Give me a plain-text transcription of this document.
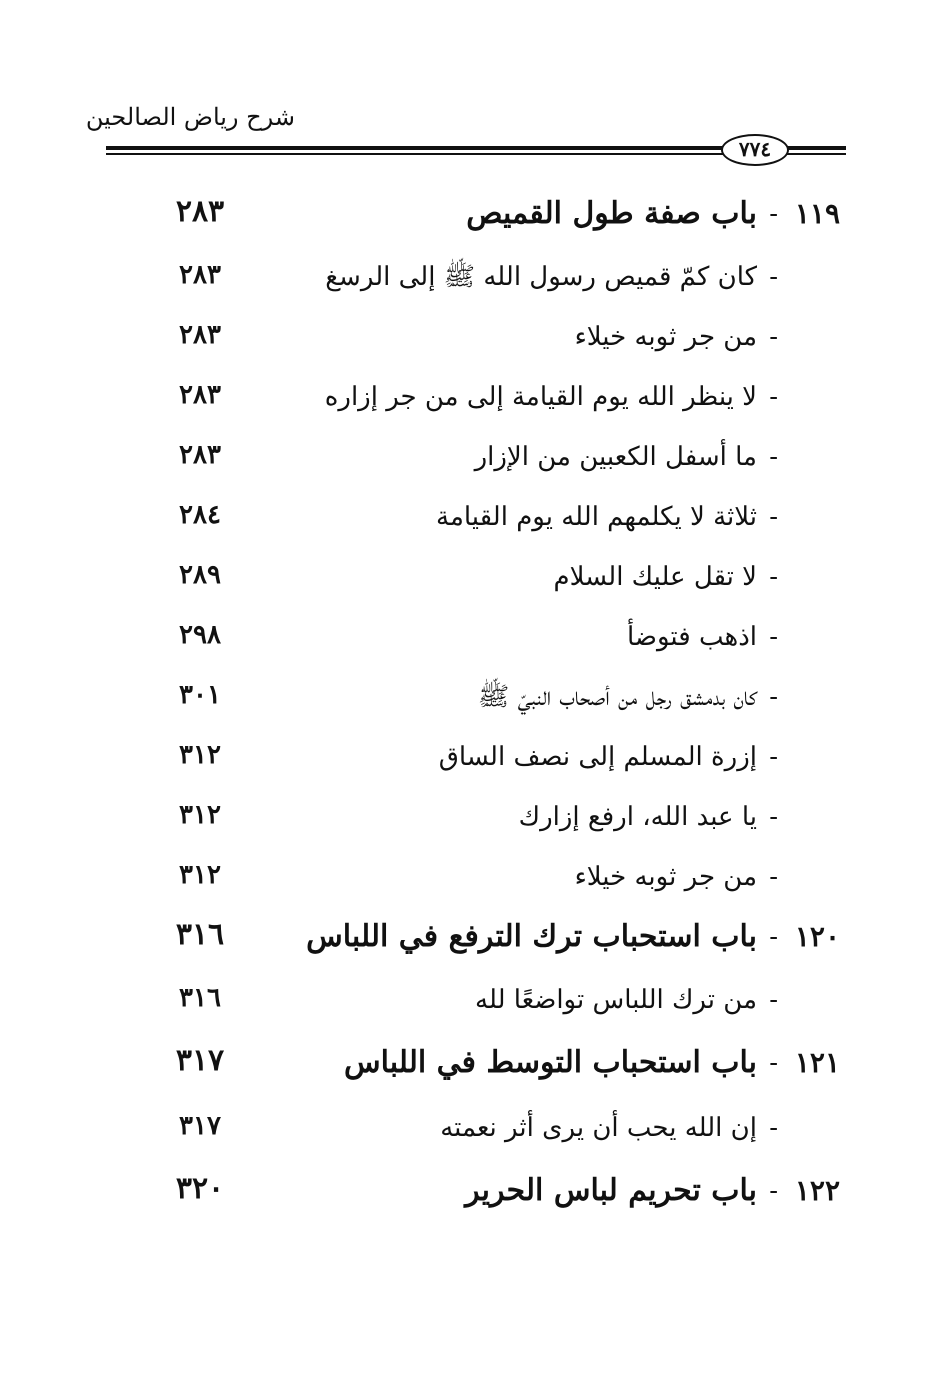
شرح رياض الصالحين
٧٧٤
١١٩
-
باب صفة طول القميص
٢٨٣
-
كان كمّ قميص رسول الله ﷺ إلى الرسغ
٢٨٣
-
من جر ثوبه خيلاء
٢٨٣
-
لا ينظر الله يوم القيامة إلى من جر إزاره
٢٨٣
-
ما أسفل الكعبين من الإزار
٢٨٣
-
ثلاثة لا يكلمهم الله يوم القيامة
٢٨٤
-
لا تقل عليك السلام
٢٨٩
-
اذهب فتوضأ
٢٩٨
-
كان بدمشق رجل من أصحاب النبيّ ﷺ
٣٠١
-
إزرة المسلم إلى نصف الساق
٣١٢
-
يا عبد الله، ارفع إزارك
٣١٢
-
من جر ثوبه خيلاء
٣١٢
١٢٠
-
باب استحباب ترك الترفع في اللباس
٣١٦
-
من ترك اللباس تواضعًا لله
٣١٦
١٢١
-
باب استحباب التوسط في اللباس
٣١٧
-
إن الله يحب أن يرى أثر نعمته
٣١٧
١٢٢
-
باب تحريم لباس الحرير
٣٢٠
